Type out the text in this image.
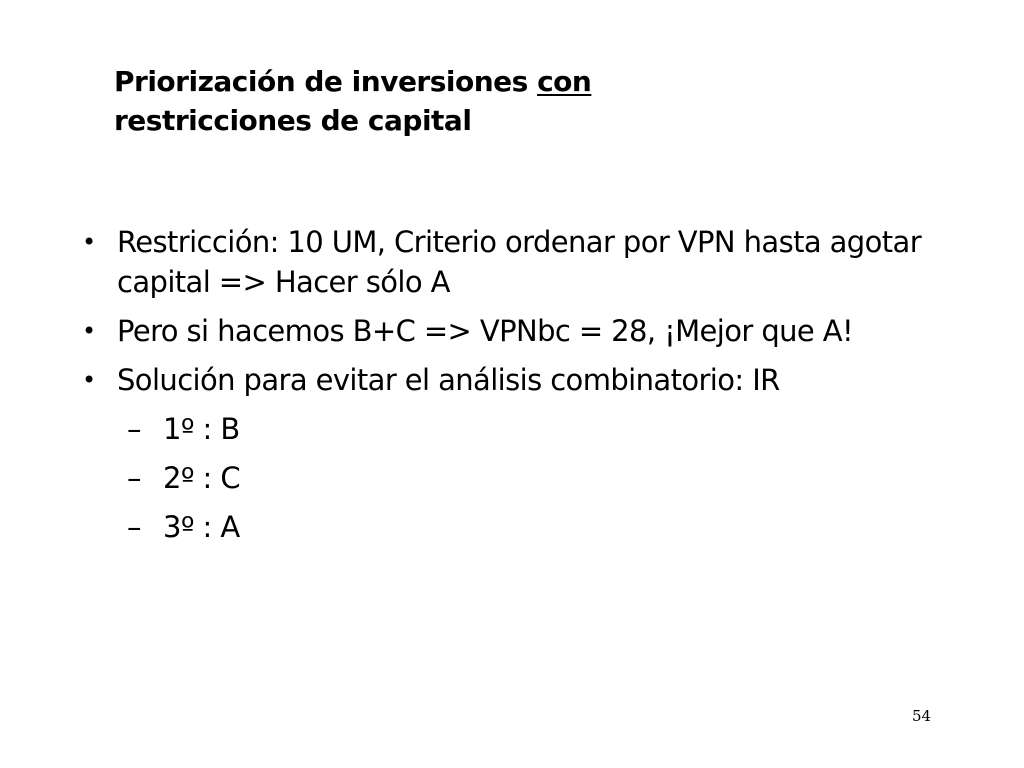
Priorización de inversiones con
restricciones de capital
• Restricción: 10 UM, Criterio ordenar por VPN hasta agotar capital => Hacer sólo A
• Pero si hacemos B+C => VPNbc = 28, ¡Mejor que A!
• Solución para evitar el análisis combinatorio: IR
– 1º : B
– 2º : C
– 3º : A
54
